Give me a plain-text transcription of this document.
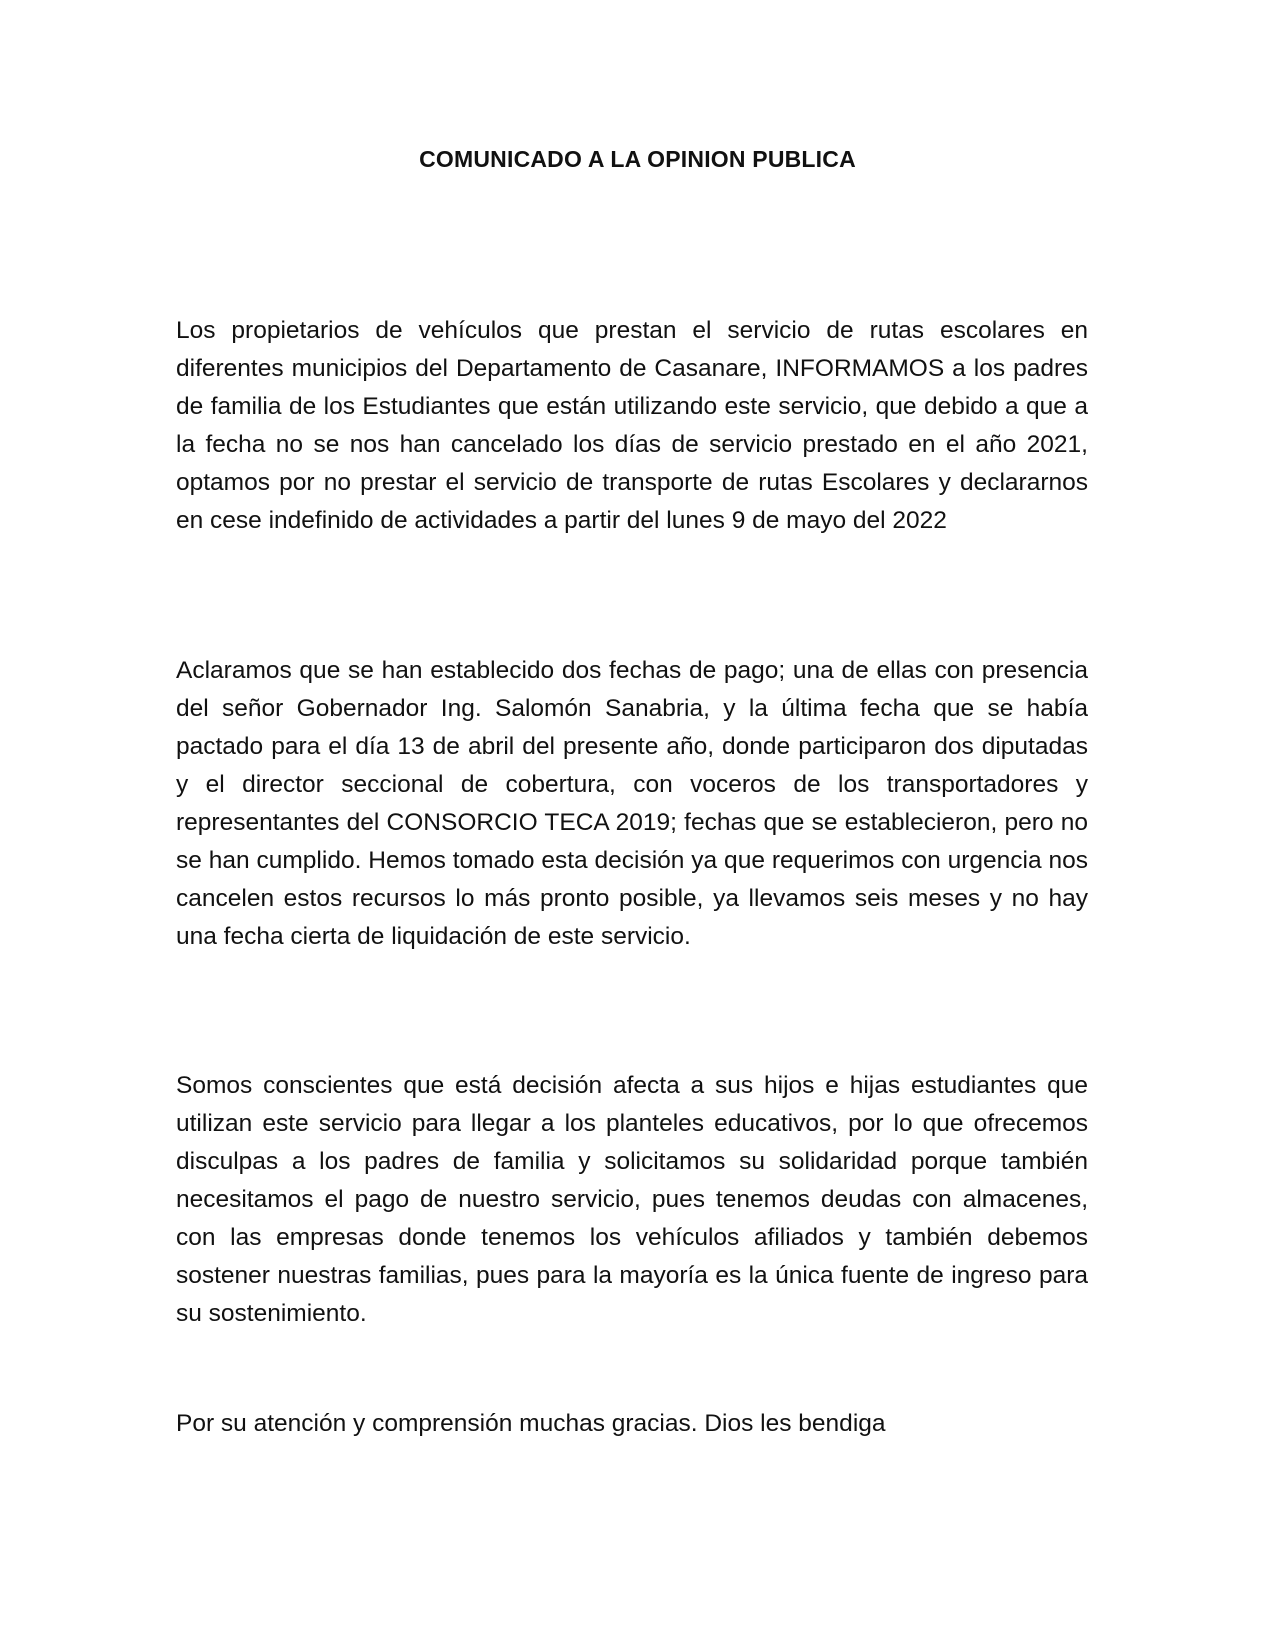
COMUNICADO A LA OPINION PUBLICA

Los propietarios de vehículos que prestan el servicio de rutas escolares en diferentes municipios del Departamento de Casanare, INFORMAMOS a los padres de familia de los Estudiantes que están utilizando este servicio, que debido a que a la fecha no se nos han cancelado los días de servicio prestado en el año 2021, optamos por no prestar el servicio de transporte de rutas Escolares y declararnos en cese indefinido de actividades a partir del lunes 9 de mayo del 2022

Aclaramos que se han establecido dos fechas de pago; una de ellas con presencia del señor Gobernador Ing. Salomón Sanabria, y la última fecha que se había pactado para el día 13 de abril del presente año, donde participaron dos diputadas y el director seccional de cobertura, con voceros de los transportadores y representantes del CONSORCIO TECA 2019; fechas que se establecieron, pero no se han cumplido. Hemos tomado esta decisión ya que requerimos con urgencia nos cancelen estos recursos lo más pronto posible, ya llevamos seis meses y no hay una fecha cierta de liquidación de este servicio.

Somos conscientes que está decisión afecta a sus hijos e hijas estudiantes que utilizan este servicio para llegar a los planteles educativos, por lo que ofrecemos disculpas a los padres de familia y solicitamos su solidaridad porque también necesitamos el pago de nuestro servicio, pues tenemos deudas con almacenes, con las empresas donde tenemos los vehículos afiliados y también debemos sostener nuestras familias, pues para la mayoría es la única fuente de ingreso para su sostenimiento.

Por su atención y comprensión muchas gracias. Dios les bendiga
